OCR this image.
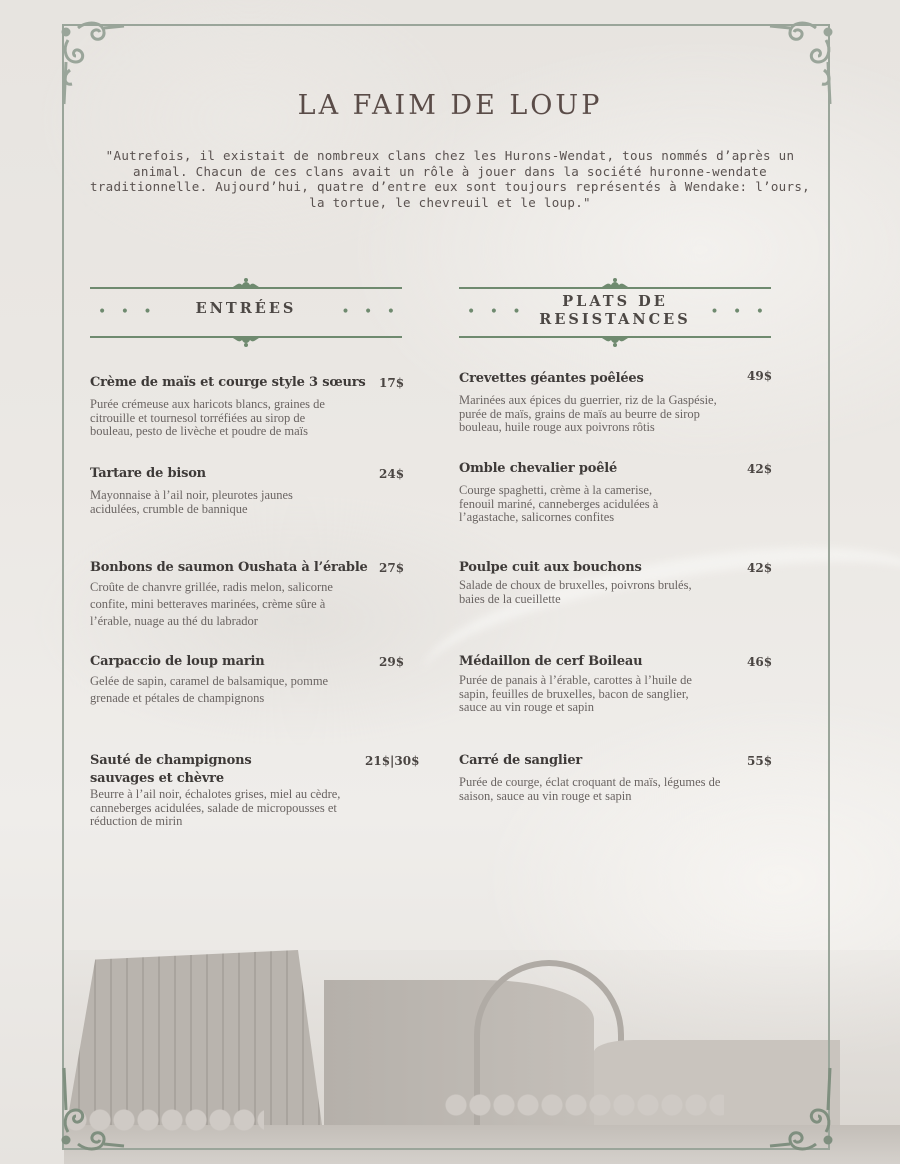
LA FAIM DE LOUP

"Autrefois, il existait de nombreux clans chez les Hurons-Wendat, tous nommés d’après un animal. Chacun de ces clans avait un rôle à jouer dans la société huronne-wendate traditionnelle. Aujourd’hui, quatre d’entre eux sont toujours représentés à Wendake: l’ours, la tortue, le chevreuil et le loup."

• • •	ENTRÉES	• • •	• • •
PLATS DE RESISTANCES	• • •
Crème de maïs et courge style 3 sœurs	17$
Purée crémeuse aux haricots blancs, graines de citrouille et tournesol torréfiées au sirop de bouleau, pesto de livèche et poudre de maïs
Tartare de bison	24$
Mayonnaise à l’ail noir, pleurotes jaunes acidulées, crumble de bannique
Bonbons de saumon Oushata à l’érable 27$
Croûte de chanvre grillée, radis melon, salicorne confite, mini betteraves marinées, crème sûre à l’érable, nuage au thé du labrador
Carpaccio de loup marin	29$
Gelée de sapin, caramel de balsamique, pomme grenade et pétales de champignons
Sauté de champignons sauvages et chèvre
21$|30$
Beurre à l’ail noir, échalotes grises, miel au cèdre, canneberges acidulées, salade de micropousses et réduction de mirin
Crevettes géantes poêlées	49$
Marinées aux épices du guerrier, riz de la Gaspésie, purée de maïs, grains de maïs au beurre de sirop bouleau, huile rouge aux poivrons rôtis
Omble chevalier poêlé	42$
Courge spaghetti, crème à la camerise, fenouil mariné, canneberges acidulées à l’agastache, salicornes confites
Poulpe cuit aux bouchons	42$
Salade de choux de bruxelles, poivrons brulés, baies de la cueillette
Médaillon de cerf Boileau	46$
Purée de panais à l’érable, carottes à l’huile de sapin, feuilles de bruxelles, bacon de sanglier, sauce au vin rouge et sapin
Carré de sanglier	55$
Purée de courge, éclat croquant de maïs, légumes de saison, sauce au vin rouge et sapin
